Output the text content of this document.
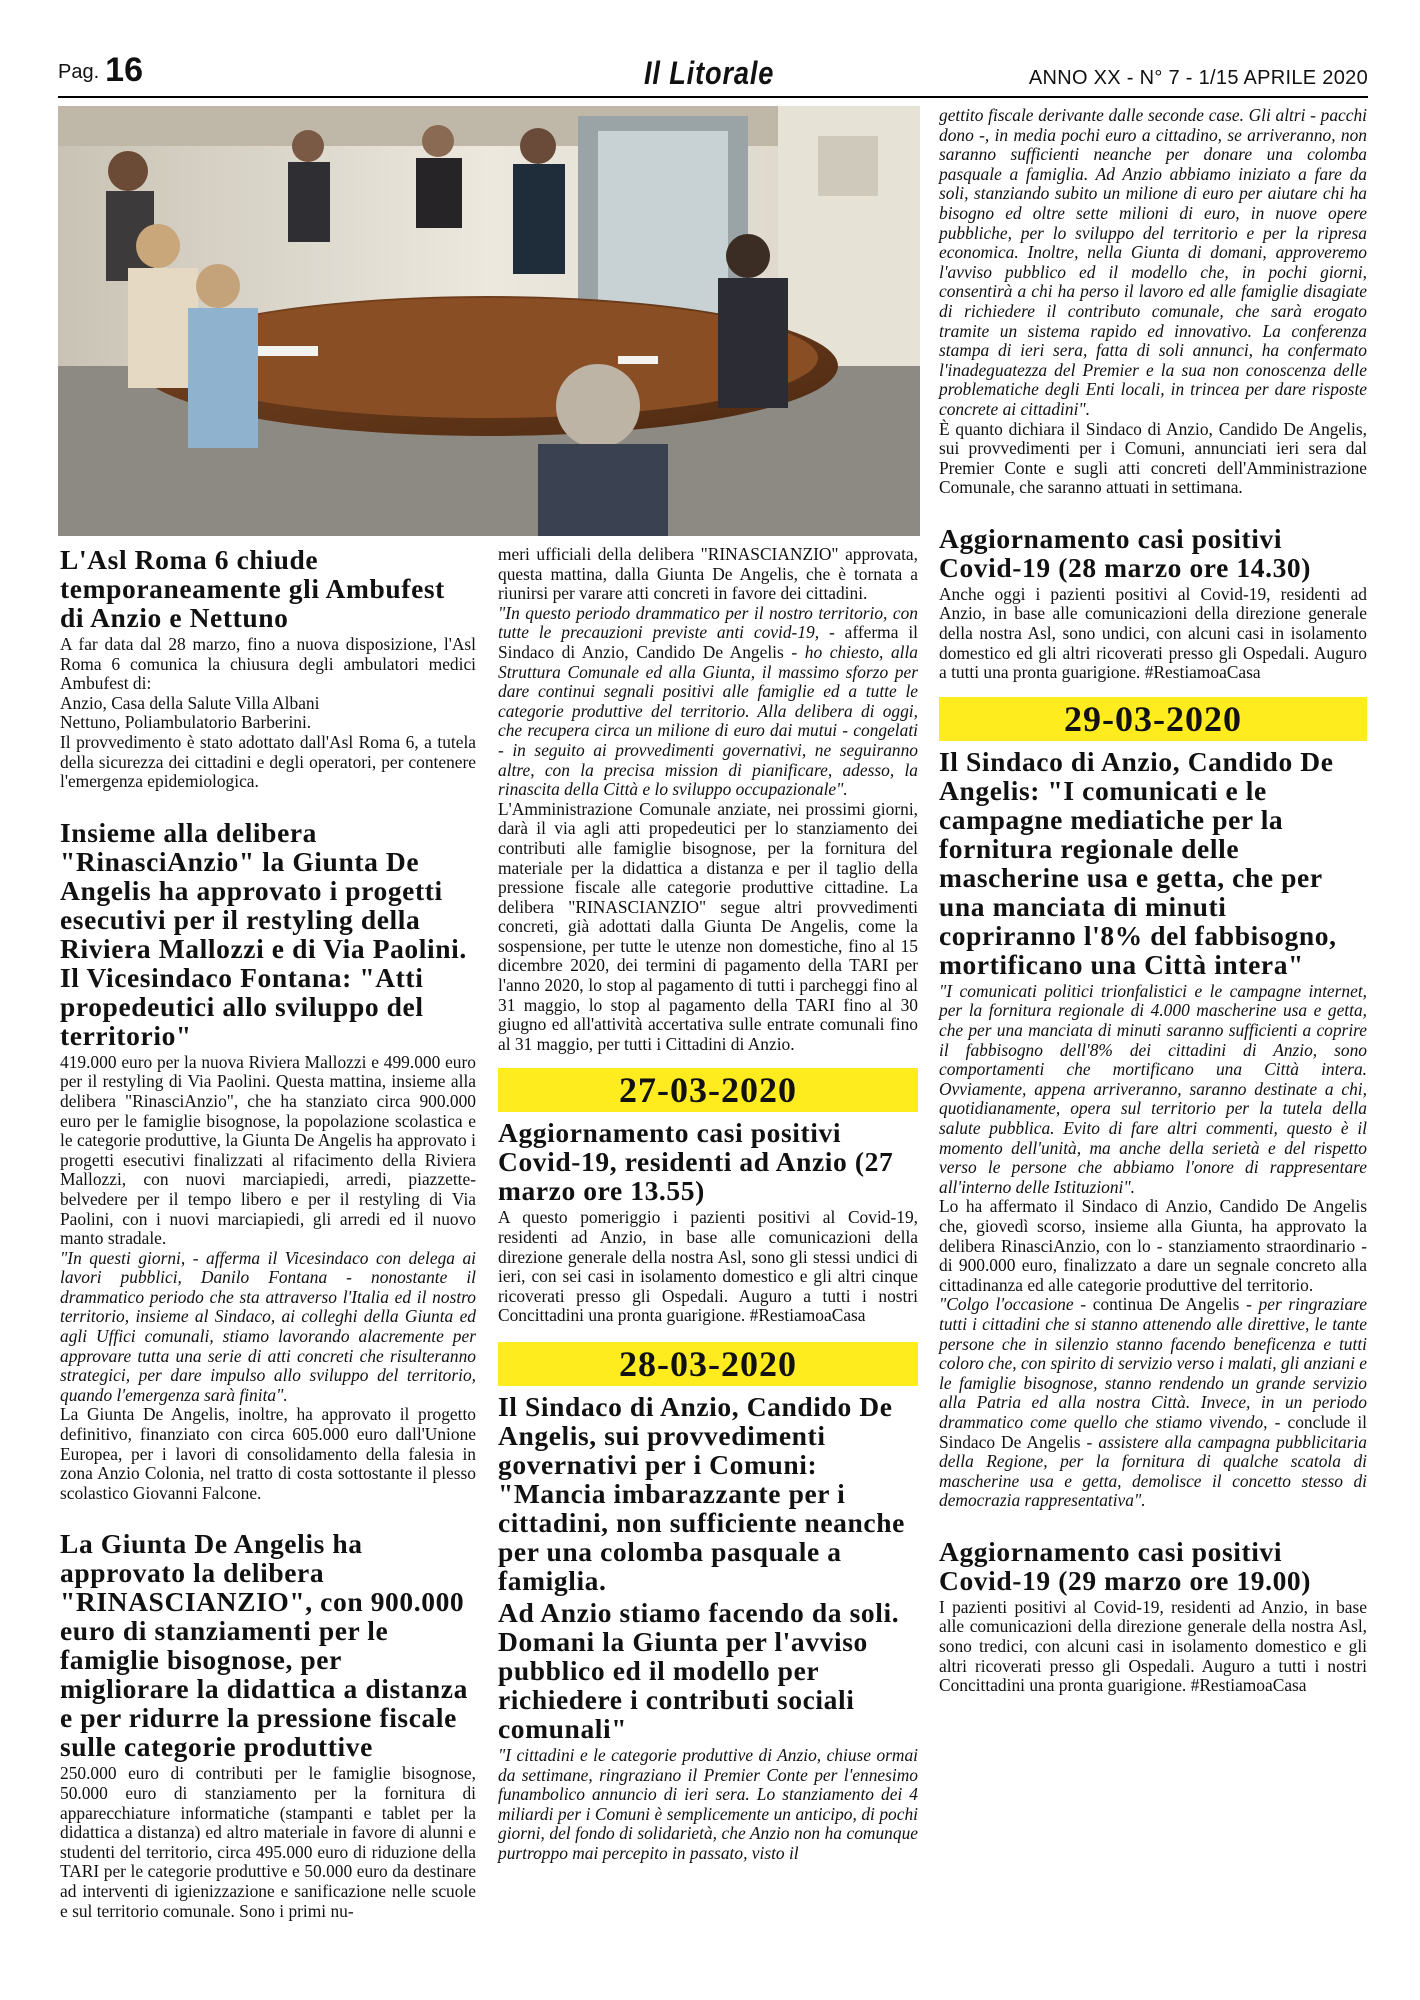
Pag. 16	Il Litorale	ANNO XX - N° 7 - 1/15 APRILE 2020
L'Asl Roma 6 chiude temporaneamente gli Ambufest di Anzio e Nettuno

A far data dal 28 marzo, fino a nuova disposizione, l'Asl Roma 6 comunica la chiusura degli ambulatori medici Ambufest di:

Anzio, Casa della Salute Villa Albani

Nettuno, Poliambulatorio Barberini.

Il provvedimento è stato adottato dall'Asl Roma 6, a tutela della sicurezza dei cittadini e degli operatori, per contenere l'emergenza epidemiologica.

Insieme alla delibera "RinasciAnzio" la Giunta De Angelis ha approvato i progetti esecutivi per il restyling della Riviera Mallozzi e di Via Paolini. Il Vicesindaco Fontana: "Atti propedeutici allo sviluppo del territorio"

419.000 euro per la nuova Riviera Mallozzi e 499.000 euro per il restyling di Via Paolini. Questa mattina, insieme alla delibera "RinasciAnzio", che ha stanziato circa 900.000 euro per le famiglie bisognose, la popolazione scolastica e le categorie produttive, la Giunta De Angelis ha approvato i progetti esecutivi finalizzati al rifacimento della Riviera Mallozzi, con nuovi marciapiedi, arredi, piazzette-belvedere per il tempo libero e per il restyling di Via Paolini, con i nuovi marciapiedi, gli arredi ed il nuovo manto stradale.

"In questi giorni, - afferma il Vicesindaco con delega ai lavori pubblici, Danilo Fontana - nonostante il drammatico periodo che sta attraverso l'Italia ed il nostro territorio, insieme al Sindaco, ai colleghi della Giunta ed agli Uffici comunali, stiamo lavorando alacremente per approvare tutta una serie di atti concreti che risulteranno strategici, per dare impulso allo sviluppo del territorio, quando l'emergenza sarà finita".

La Giunta De Angelis, inoltre, ha approvato il progetto definitivo, finanziato con circa 605.000 euro dall'Unione Europea, per i lavori di consolidamento della falesia in zona Anzio Colonia, nel tratto di costa sottostante il plesso scolastico Giovanni Falcone.

La Giunta De Angelis ha approvato la delibera "RINASCIANZIO", con 900.000 euro di stanziamenti per le famiglie bisognose, per migliorare la didattica a distanza e per ridurre la pressione fiscale sulle categorie produttive

250.000 euro di contributi per le famiglie bisognose, 50.000 euro di stanziamento per la fornitura di apparecchiature informatiche (stampanti e tablet per la didattica a distanza) ed altro materiale in favore di alunni e studenti del territorio, circa 495.000 euro di riduzione della TARI per le categorie produttive e 50.000 euro da destinare ad interventi di igienizzazione e sanificazione nelle scuole e sul territorio comunale. Sono i primi nu-

meri ufficiali della delibera "RINASCIANZIO" approvata, questa mattina, dalla Giunta De Angelis, che è tornata a riunirsi per varare atti concreti in favore dei cittadini.

"In questo periodo drammatico per il nostro territorio, con tutte le precauzioni previste anti covid-19, - afferma il Sindaco di Anzio, Candido De Angelis - ho chiesto, alla Struttura Comunale ed alla Giunta, il massimo sforzo per dare continui segnali positivi alle famiglie ed a tutte le categorie produttive del territorio. Alla delibera di oggi, che recupera circa un milione di euro dai mutui - congelati - in seguito ai provvedimenti governativi, ne seguiranno altre, con la precisa mission di pianificare, adesso, la rinascita della Città e lo sviluppo occupazionale".

L'Amministrazione Comunale anziate, nei prossimi giorni, darà il via agli atti propedeutici per lo stanziamento dei contributi alle famiglie bisognose, per la fornitura del materiale per la didattica a distanza e per il taglio della pressione fiscale alle categorie produttive cittadine. La delibera "RINASCIANZIO" segue altri provvedimenti concreti, già adottati dalla Giunta De Angelis, come la sospensione, per tutte le utenze non domestiche, fino al 15 dicembre 2020, dei termini di pagamento della TARI per l'anno 2020, lo stop al pagamento di tutti i parcheggi fino al 31 maggio, lo stop al pagamento della TARI fino al 30 giugno ed all'attività accertativa sulle entrate comunali fino al 31 maggio, per tutti i Cittadini di Anzio.

27-03-2020
Aggiornamento casi positivi Covid-19, residenti ad Anzio (27 marzo ore 13.55)

A questo pomeriggio i pazienti positivi al Covid-19, residenti ad Anzio, in base alle comunicazioni della direzione generale della nostra Asl, sono gli stessi undici di ieri, con sei casi in isolamento domestico e gli altri cinque ricoverati presso gli Ospedali. Auguro a tutti i nostri Concittadini una pronta guarigione. #RestiamoaCasa

28-03-2020
Il Sindaco di Anzio, Candido De Angelis, sui provvedimenti governativi per i Comuni: "Mancia imbarazzante per i cittadini, non sufficiente neanche per una colomba pasquale a famiglia.
Ad Anzio stiamo facendo da soli. Domani la Giunta per l'avviso pubblico ed il modello per richiedere i contributi sociali comunali"

"I cittadini e le categorie produttive di Anzio, chiuse ormai da settimane, ringraziano il Premier Conte per l'ennesimo funambolico annuncio di ieri sera. Lo stanziamento dei 4 miliardi per i Comuni è semplicemente un anticipo, di pochi giorni, del fondo di solidarietà, che Anzio non ha comunque purtroppo mai percepito in passato, visto il

gettito fiscale derivante dalle seconde case. Gli altri - pacchi dono -, in media pochi euro a cittadino, se arriveranno, non saranno sufficienti neanche per donare una colomba pasquale a famiglia. Ad Anzio abbiamo iniziato a fare da soli, stanziando subito un milione di euro per aiutare chi ha bisogno ed oltre sette milioni di euro, in nuove opere pubbliche, per lo sviluppo del territorio e per la ripresa economica. Inoltre, nella Giunta di domani, approveremo l'avviso pubblico ed il modello che, in pochi giorni, consentirà a chi ha perso il lavoro ed alle famiglie disagiate di richiedere il contributo comunale, che sarà erogato tramite un sistema rapido ed innovativo. La conferenza stampa di ieri sera, fatta di soli annunci, ha confermato l'inadeguatezza del Premier e la sua non conoscenza delle problematiche degli Enti locali, in trincea per dare risposte concrete ai cittadini".

È quanto dichiara il Sindaco di Anzio, Candido De Angelis, sui provvedimenti per i Comuni, annunciati ieri sera dal Premier Conte e sugli atti concreti dell'Amministrazione Comunale, che saranno attuati in settimana.

Aggiornamento casi positivi Covid-19 (28 marzo ore 14.30)

Anche oggi i pazienti positivi al Covid-19, residenti ad Anzio, in base alle comunicazioni della direzione generale della nostra Asl, sono undici, con alcuni casi in isolamento domestico ed gli altri ricoverati presso gli Ospedali. Auguro a tutti una pronta guarigione. #RestiamoaCasa

29-03-2020
Il Sindaco di Anzio, Candido De Angelis: "I comunicati e le campagne mediatiche per la fornitura regionale delle mascherine usa e getta, che per una manciata di minuti copriranno l'8% del fabbisogno, mortificano una Città intera"

"I comunicati politici trionfalistici e le campagne internet, per la fornitura regionale di 4.000 mascherine usa e getta, che per una manciata di minuti saranno sufficienti a coprire il fabbisogno dell'8% dei cittadini di Anzio, sono comportamenti che mortificano una Città intera. Ovviamente, appena arriveranno, saranno destinate a chi, quotidianamente, opera sul territorio per la tutela della salute pubblica. Evito di fare altri commenti, questo è il momento dell'unità, ma anche della serietà e del rispetto verso le persone che abbiamo l'onore di rappresentare all'interno delle Istituzioni".

Lo ha affermato il Sindaco di Anzio, Candido De Angelis che, giovedì scorso, insieme alla Giunta, ha approvato la delibera RinasciAnzio, con lo - stanziamento straordinario - di 900.000 euro, finalizzato a dare un segnale concreto alla cittadinanza ed alle categorie produttive del territorio.

"Colgo l'occasione - continua De Angelis - per ringraziare tutti i cittadini che si stanno attenendo alle direttive, le tante persone che in silenzio stanno facendo beneficenza e tutti coloro che, con spirito di servizio verso i malati, gli anziani e le famiglie bisognose, stanno rendendo un grande servizio alla Patria ed alla nostra Città. Invece, in un periodo drammatico come quello che stiamo vivendo, - conclude il Sindaco De Angelis - assistere alla campagna pubblicitaria della Regione, per la fornitura di qualche scatola di mascherine usa e getta, demolisce il concetto stesso di democrazia rappresentativa".

Aggiornamento casi positivi Covid-19 (29 marzo ore 19.00)

I pazienti positivi al Covid-19, residenti ad Anzio, in base alle comunicazioni della direzione generale della nostra Asl, sono tredici, con alcuni casi in isolamento domestico e gli altri ricoverati presso gli Ospedali. Auguro a tutti i nostri Concittadini una pronta guarigione. #RestiamoaCasa
